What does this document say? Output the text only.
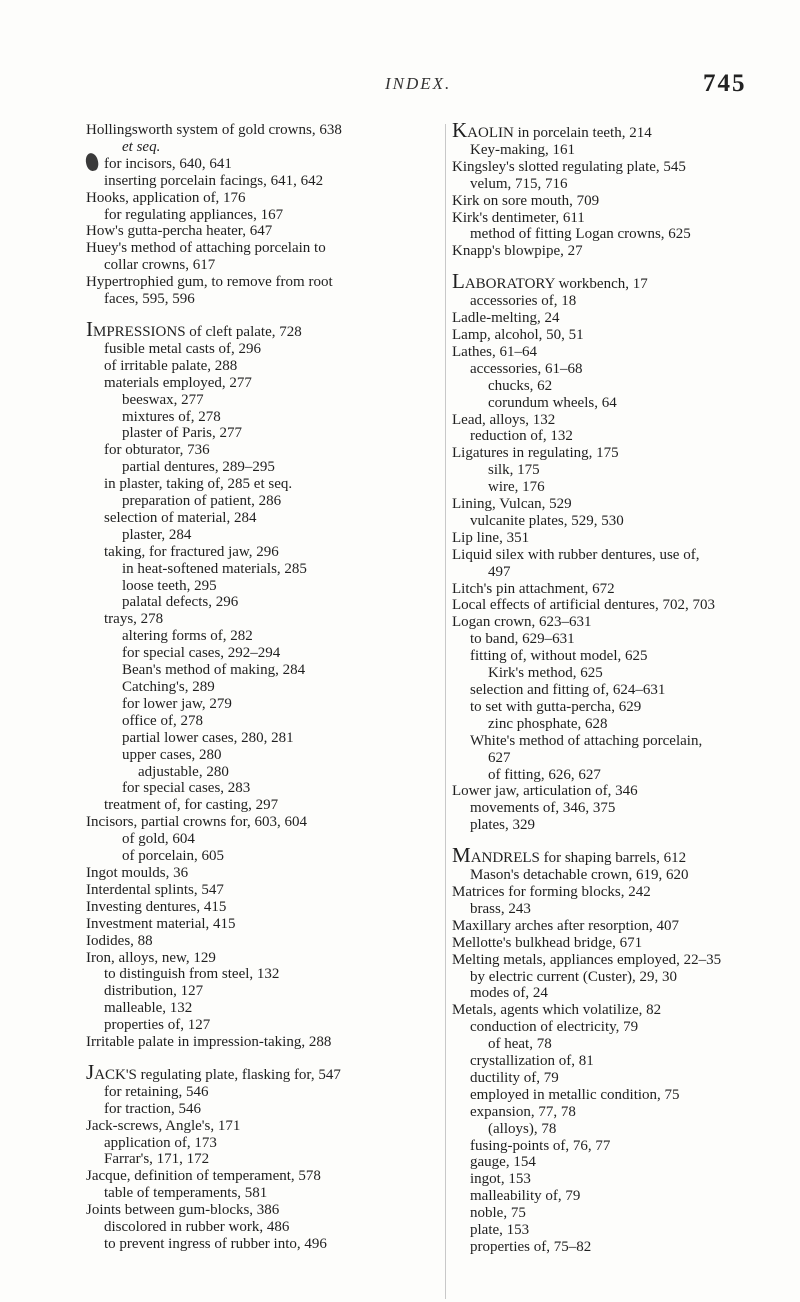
INDEX.	745
Hollingsworth system of gold crowns, 638
et seq.
for incisors, 640, 641
inserting porcelain facings, 641, 642
Hooks, application of, 176
for regulating appliances, 167
How's gutta-percha heater, 647
Huey's method of attaching porcelain to
collar crowns, 617
Hypertrophied gum, to remove from root
faces, 595, 596
IMPRESSIONS of cleft palate, 728
fusible metal casts of, 296
of irritable palate, 288
materials employed, 277
beeswax, 277
mixtures of, 278
plaster of Paris, 277
for obturator, 736
partial dentures, 289–295
in plaster, taking of, 285 et seq.
preparation of patient, 286
selection of material, 284
plaster, 284
taking, for fractured jaw, 296
in heat-softened materials, 285
loose teeth, 295
palatal defects, 296
trays, 278
altering forms of, 282
for special cases, 292–294
Bean's method of making, 284
Catching's, 289
for lower jaw, 279
office of, 278
partial lower cases, 280, 281
upper cases, 280
adjustable, 280
for special cases, 283
treatment of, for casting, 297
Incisors, partial crowns for, 603, 604
of gold, 604
of porcelain, 605
Ingot moulds, 36
Interdental splints, 547
Investing dentures, 415
Investment material, 415
Iodides, 88
Iron, alloys, new, 129
to distinguish from steel, 132
distribution, 127
malleable, 132
properties of, 127
Irritable palate in impression-taking, 288
JACK'S regulating plate, flasking for, 547
for retaining, 546
for traction, 546
Jack-screws, Angle's, 171
application of, 173
Farrar's, 171, 172
Jacque, definition of temperament, 578
table of temperaments, 581
Joints between gum-blocks, 386
discolored in rubber work, 486
to prevent ingress of rubber into, 496
KAOLIN in porcelain teeth, 214
Key-making, 161
Kingsley's slotted regulating plate, 545
velum, 715, 716
Kirk on sore mouth, 709
Kirk's dentimeter, 611
method of fitting Logan crowns, 625
Knapp's blowpipe, 27
LABORATORY workbench, 17
accessories of, 18
Ladle-melting, 24
Lamp, alcohol, 50, 51
Lathes, 61–64
accessories, 61–68
chucks, 62
corundum wheels, 64
Lead, alloys, 132
reduction of, 132
Ligatures in regulating, 175
silk, 175
wire, 176
Lining, Vulcan, 529
vulcanite plates, 529, 530
Lip line, 351
Liquid silex with rubber dentures, use of,
497
Litch's pin attachment, 672
Local effects of artificial dentures, 702, 703
Logan crown, 623–631
to band, 629–631
fitting of, without model, 625
Kirk's method, 625
selection and fitting of, 624–631
to set with gutta-percha, 629
zinc phosphate, 628
White's method of attaching porcelain,
627
of fitting, 626, 627
Lower jaw, articulation of, 346
movements of, 346, 375
plates, 329
MANDRELS for shaping barrels, 612
Mason's detachable crown, 619, 620
Matrices for forming blocks, 242
brass, 243
Maxillary arches after resorption, 407
Mellotte's bulkhead bridge, 671
Melting metals, appliances employed, 22–35
by electric current (Custer), 29, 30
modes of, 24
Metals, agents which volatilize, 82
conduction of electricity, 79
of heat, 78
crystallization of, 81
ductility of, 79
employed in metallic condition, 75
expansion, 77, 78
(alloys), 78
fusing-points of, 76, 77
gauge, 154
ingot, 153
malleability of, 79
noble, 75
plate, 153
properties of, 75–82
